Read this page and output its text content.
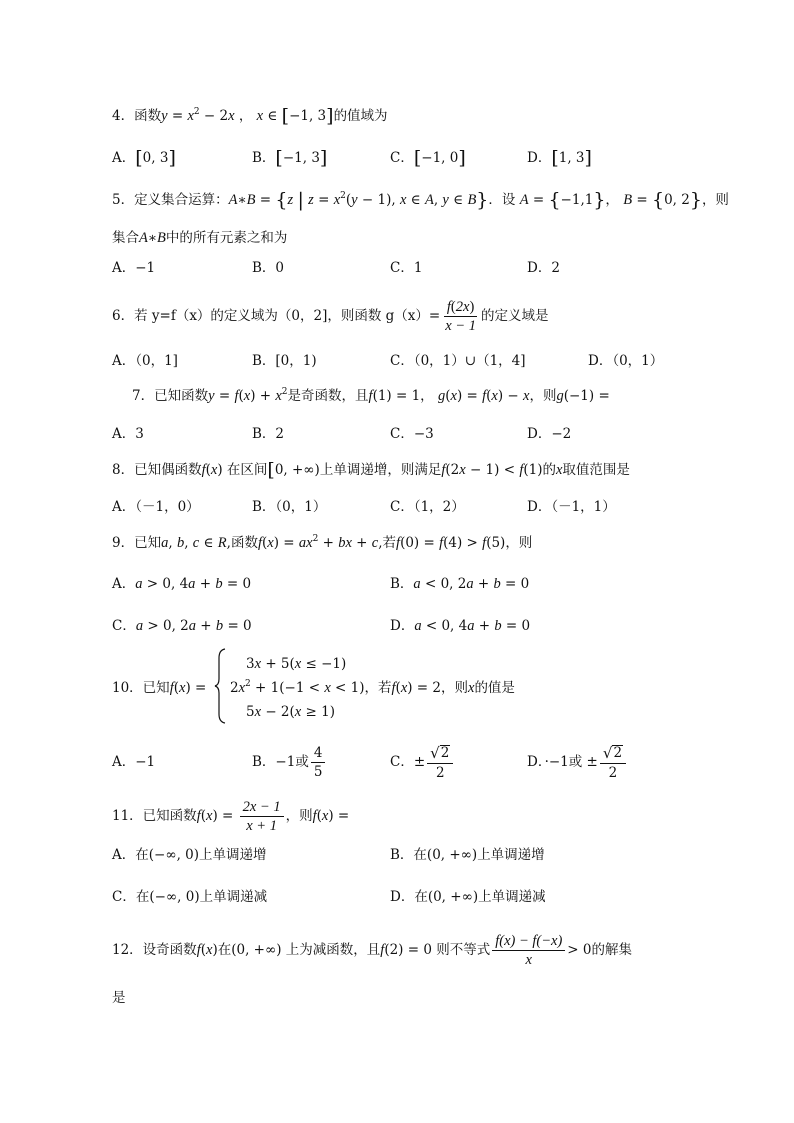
4．函数$y = x^2 - 2x$ ， x ∈ [−1, 3]的值域为
A．[0, 3]	B．[−1, 3]	C．[−1, 0]	D．[1, 3]
5．定义集合运算：A∗B = {z | $z = x^2(y - 1)$, x ∈ A, y ∈ B}．设 A = {−1,1}， B = {0, 2}，则
集合A∗B中的所有元素之和为
A．−1	B．0	C．1	D．2
6．若 y=f（x）的定义域为（0，2]，则函数 $g(x)= \frac{f(2x)}{x - 1}$ 的定义域是
A．（0，1]	B．[0，1)	C．（0，1）∪（1，4]	D．（0，1）
7．已知函数$y = f(x) + x^2$是奇函数，且f(1) = 1， g(x) = f(x) − x，则g(−1) =
A．3	B．2	C．−3	D．−2
8．已知偶函数f(x) 在区间[0, +∞)上单调递增，则满足f(2x − 1) < f(1)的x取值范围是
A．（－1，0）	B．（0，1）	C．（1，2）	D．（－1，1）
9．已知a, b, c ∈ R,函数$f(x) = ax^2$ + bx + c,若f(0) = f(4) > f(5)，则
A．a > 0, 4a + b = 0	B．a < 0, 2a + b = 0
C．a > 0, 2a + b = 0	D．a < 0, 4a + b = 0
10．已知f(x) =
3x + 5(x ≤ −1)
$2x^2 + 1(-1 < x < 1)$，若f(x) = 2，则x的值是
5x − 2(x ≥ 1)
A．−1	B．−1或 $\frac{4}{5}$	C．± $\frac{√ 2}{2}$	D．·−1或 ± $\frac{√ 2}{2}$
11．已知函数$f(x) = \frac{2x - 1}{x + 1}$ ，则f(x) =
A．在(−∞, 0)上单调递增	B．在(0, +∞)上单调递增
C．在(−∞, 0)上单调递减	D．在(0, +∞)上单调递减
12．设奇函数f(x)在(0, +∞) 上为减函数，且f(2) = 0 则不等式 $\frac{f(x) - f(-x)}{x} > 0$的解集
是
